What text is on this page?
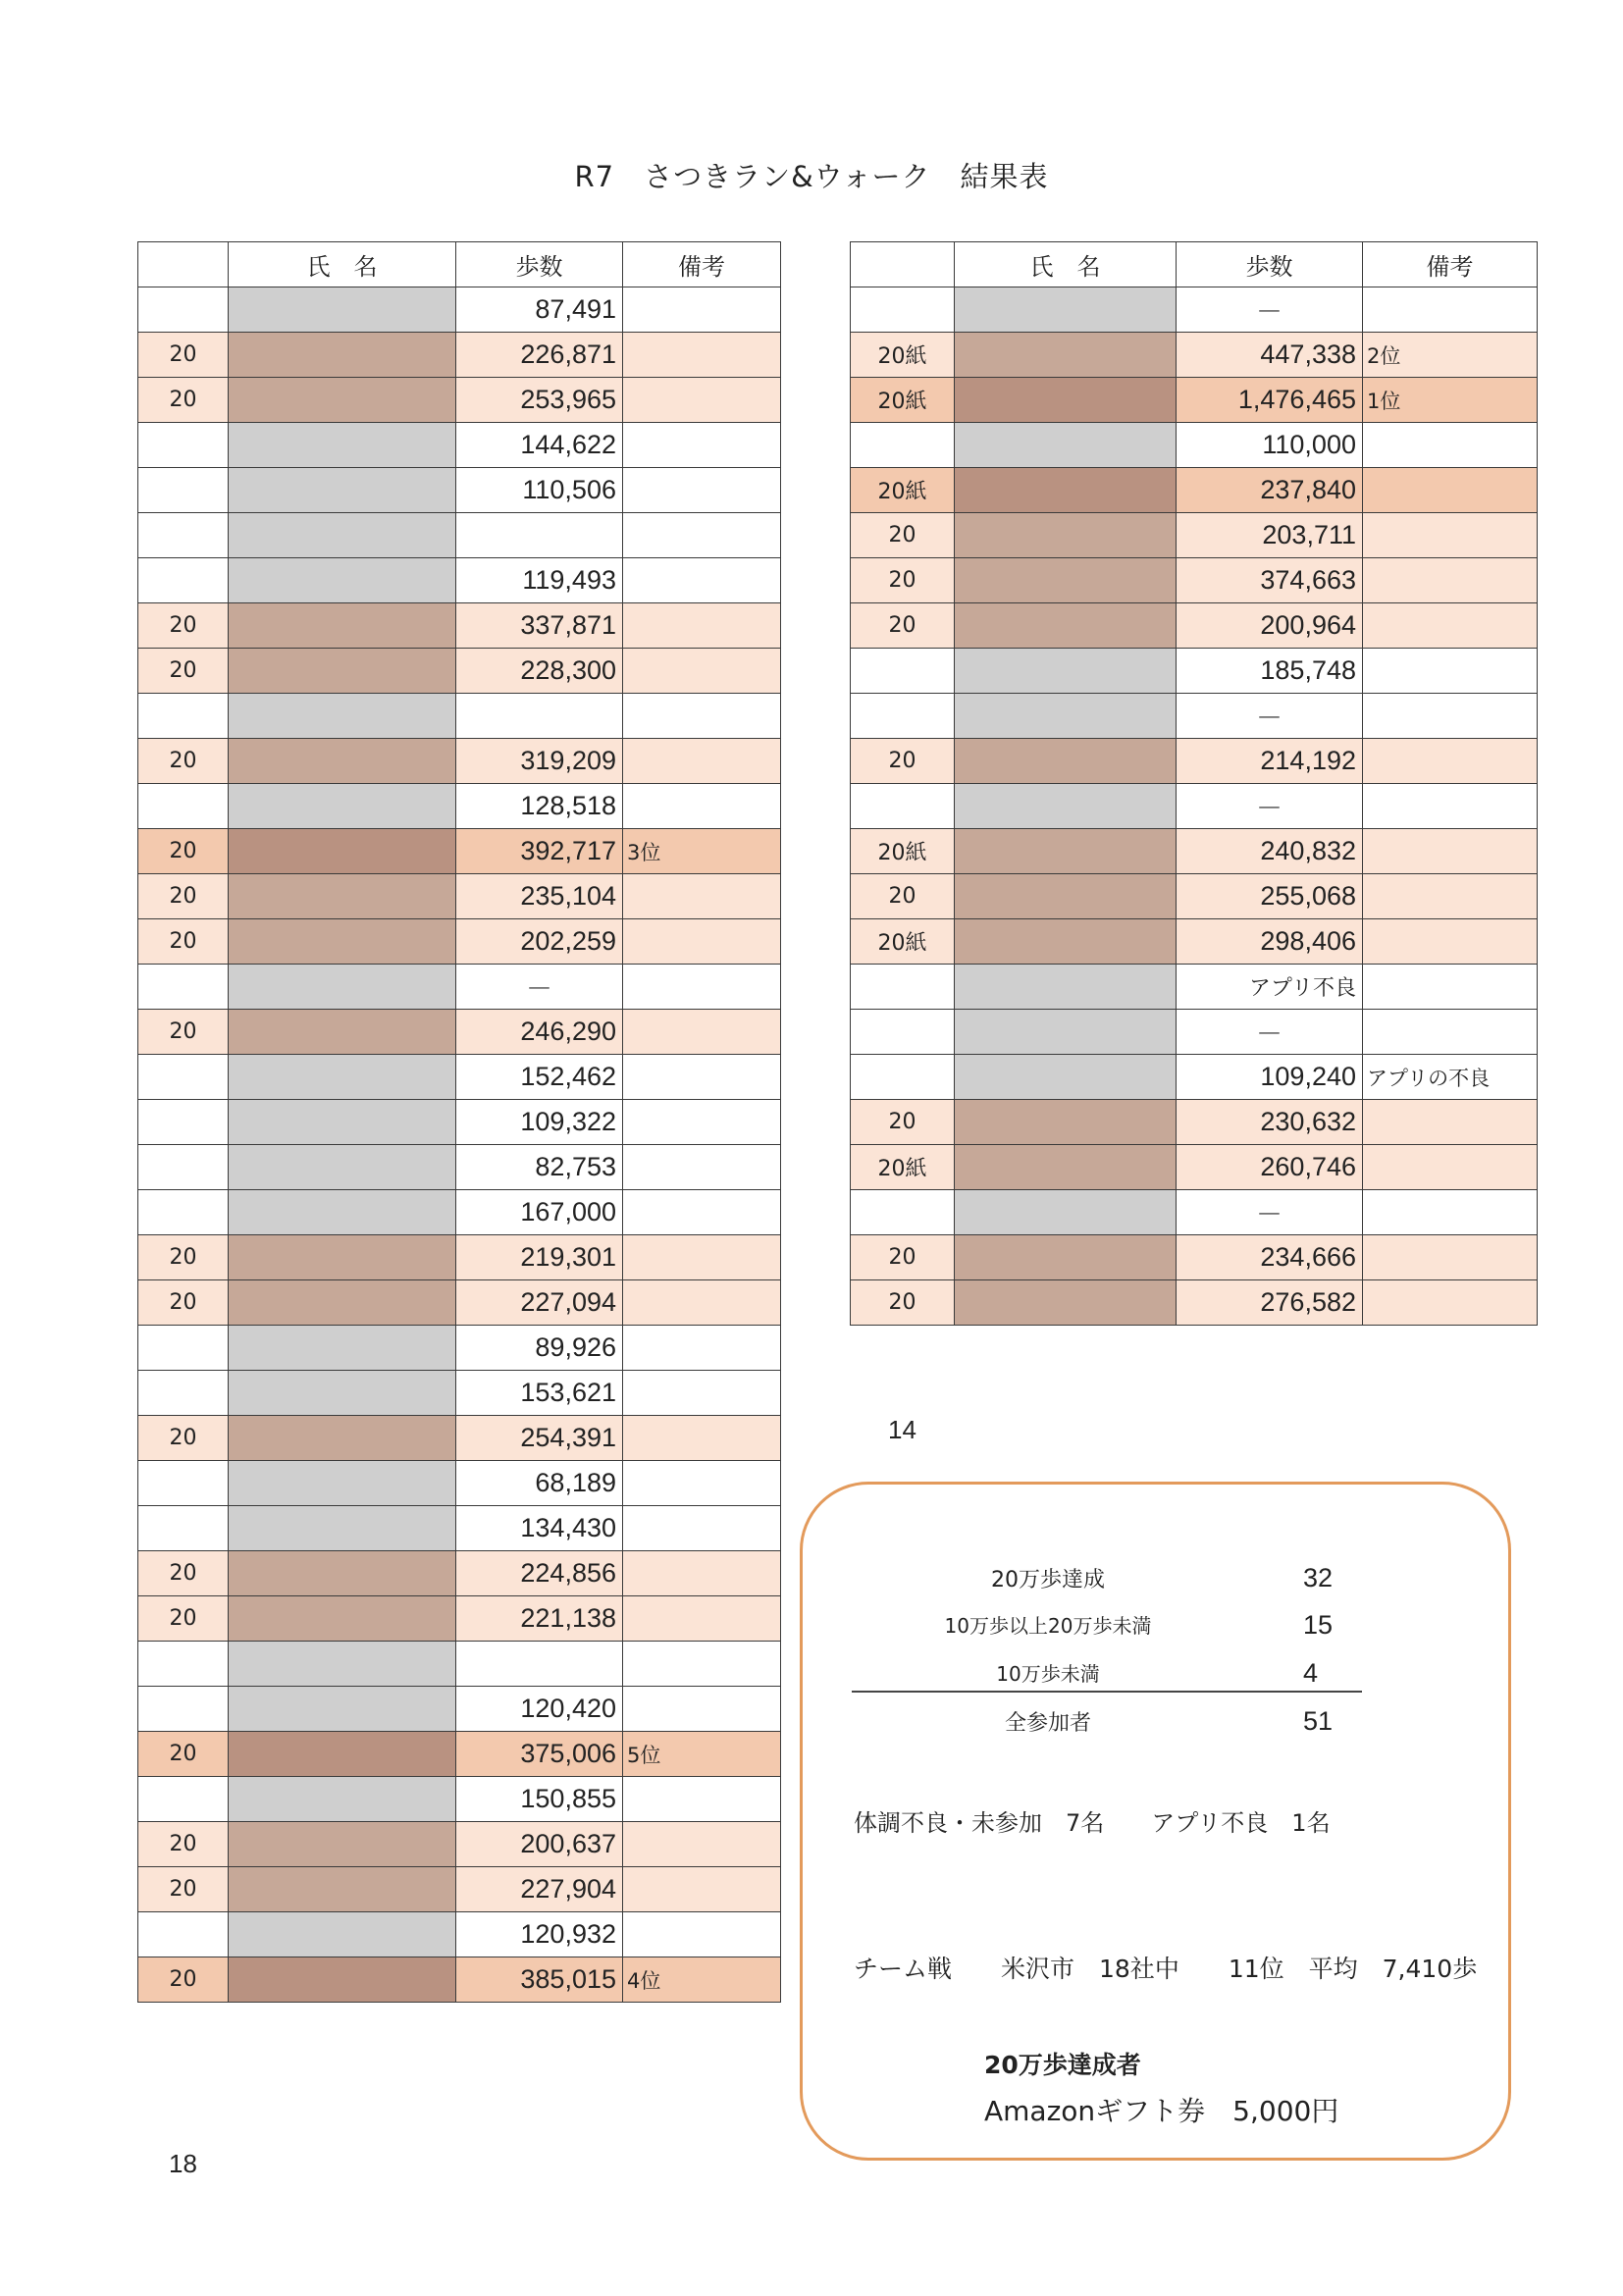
R7　さつきラン&ウォーク　結果表
	氏　名	歩数	備考
		87,491	
20		226,871	
20		253,965	
		144,622	
		110,506	

		119,493	
20		337,871	
20		228,300	

20		319,209	
		128,518	
20		392,717	3位
20		235,104	
20		202,259	
		－	
20		246,290	
		152,462	
		109,322	
		82,753	
		167,000	
20		219,301	
20		227,094	
		89,926	
		153,621	
20		254,391	
		68,189	
		134,430	
20		224,856	
20		221,138	

		120,420	
20		375,006	5位
		150,855	
20		200,637	
20		227,904	
		120,932	
20		385,015	4位
18
	氏　名	歩数	備考
		－	
20紙		447,338	2位
20紙		1,476,465	1位
		110,000	
20紙		237,840	
20		203,711	
20		374,663	
20		200,964	
		185,748	
		－	
20		214,192	
		－	
20紙		240,832	
20		255,068	
20紙		298,406	
		アプリ不良	
		－	
		109,240	アプリの不良
20		230,632	
20紙		260,746	
		－	
20		234,666	
20		276,582	
14
20万歩達成	32
10万歩以上20万歩未満	15
10万歩未満	4
全参加者	51
体調不良・未参加　7名　　アプリ不良　1名
チーム戦　　米沢市　18社中　　11位　平均　7,410歩
20万歩達成者
Amazonギフト券　5,000円
